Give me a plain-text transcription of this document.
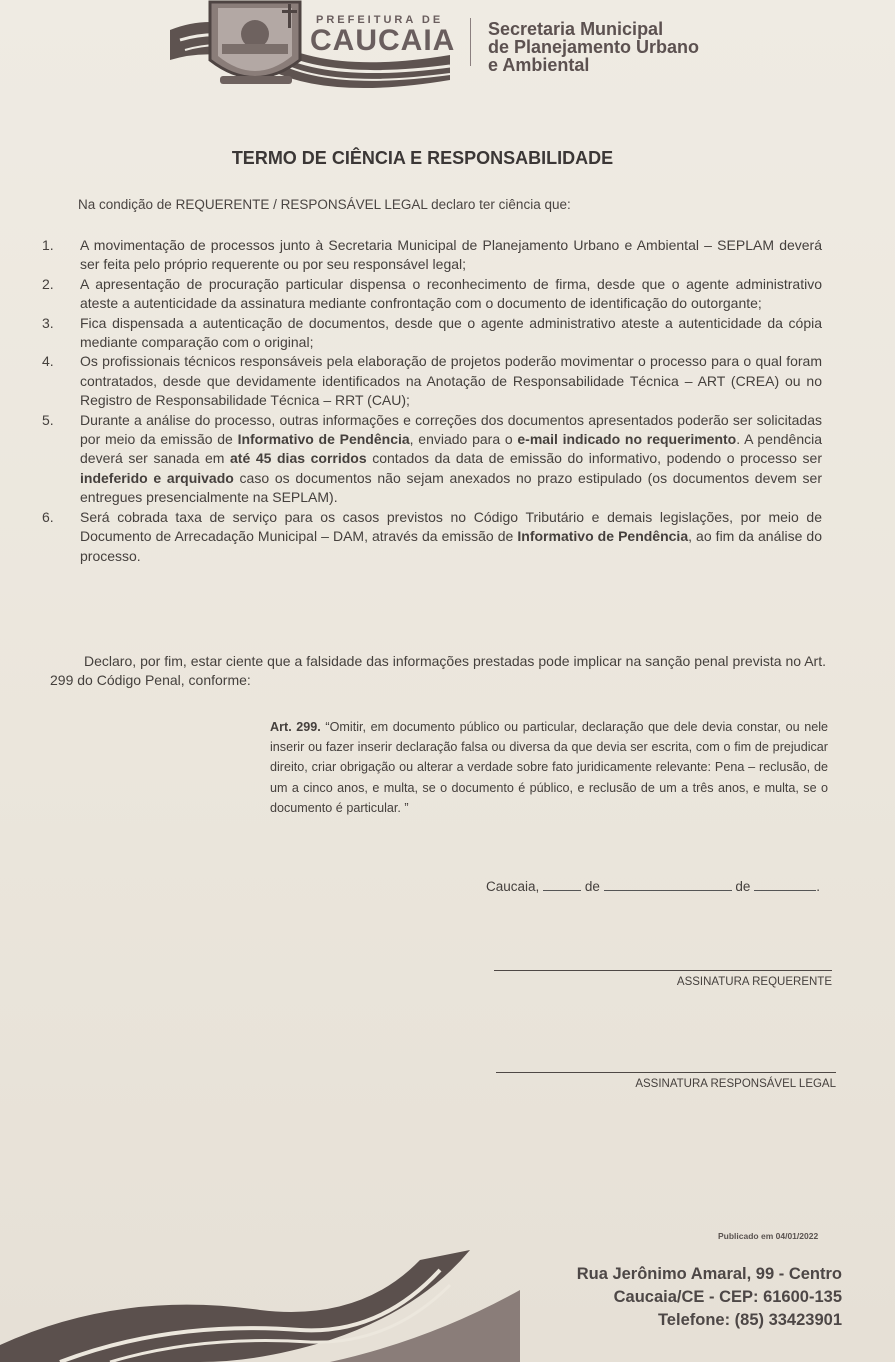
PREFEITURA DE
CAUCAIA Secretaria Municipal
de Planejamento Urbano
e Ambiental
TERMO DE CIÊNCIA E RESPONSABILIDADE
Na condição de REQUERENTE / RESPONSÁVEL LEGAL declaro ter ciência que:
1. A movimentação de processos junto à Secretaria Municipal de Planejamento Urbano e Ambiental – SEPLAM deverá ser feita pelo próprio requerente ou por seu responsável legal;
2. A apresentação de procuração particular dispensa o reconhecimento de firma, desde que o agente administrativo ateste a autenticidade da assinatura mediante confrontação com o documento de identificação do outorgante;
3. Fica dispensada a autenticação de documentos, desde que o agente administrativo ateste a autenticidade da cópia mediante comparação com o original;
4. Os profissionais técnicos responsáveis pela elaboração de projetos poderão movimentar o processo para o qual foram contratados, desde que devidamente identificados na Anotação de Responsabilidade Técnica – ART (CREA) ou no Registro de Responsabilidade Técnica – RRT (CAU);
5. Durante a análise do processo, outras informações e correções dos documentos apresentados poderão ser solicitadas por meio da emissão de Informativo de Pendência, enviado para o e-mail indicado no requerimento. A pendência deverá ser sanada em até 45 dias corridos contados da data de emissão do informativo, podendo o processo ser indeferido e arquivado caso os documentos não sejam anexados no prazo estipulado (os documentos devem ser entregues presencialmente na SEPLAM).
6. Será cobrada taxa de serviço para os casos previstos no Código Tributário e demais legislações, por meio de Documento de Arrecadação Municipal – DAM, através da emissão de Informativo de Pendência, ao fim da análise do processo.
Declaro, por fim, estar ciente que a falsidade das informações prestadas pode implicar na sanção penal prevista no Art. 299 do Código Penal, conforme:
Art. 299. “Omitir, em documento público ou particular, declaração que dele devia constar, ou nele inserir ou fazer inserir declaração falsa ou diversa da que devia ser escrita, com o fim de prejudicar direito, criar obrigação ou alterar a verdade sobre fato juridicamente relevante: Pena – reclusão, de um a cinco anos, e multa, se o documento é público, e reclusão de um a três anos, e multa, se o documento é particular. ”
Caucaia,	de	de	.
ASSINATURA REQUERENTE
ASSINATURA RESPONSÁVEL LEGAL
Publicado em 04/01/2022
Rua Jerônimo Amaral, 99 - Centro
Caucaia/CE - CEP: 61600-135
Telefone: (85) 33423901
